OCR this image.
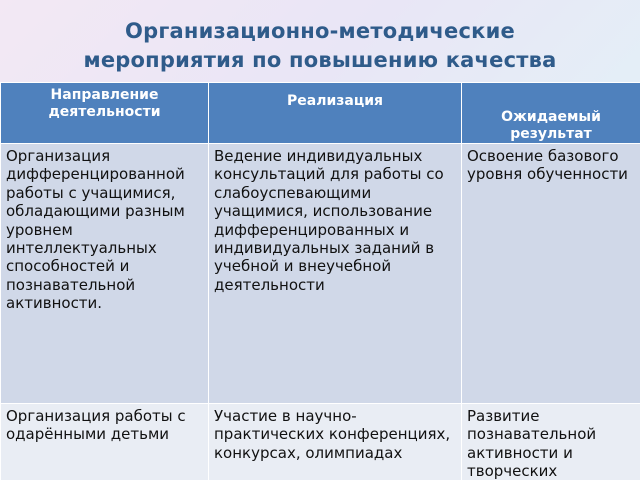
Организационно-методические
мероприятия по повышению качества
Направление деятельности	Реализация	Ожидаемый результат

Организация дифференцированной работы с учащимися, обладающими разным уровнем интеллектуальных способностей и познавательной активности.	Ведение индивидуальных консультаций для работы со слабоуспевающими учащимися, использование дифференцированных и индивидуальных заданий в учебной и внеучебной деятельности	Освоение базового уровня обученности
Организация работы с одарёнными детьми	Участие в научно-практических конференциях, конкурсах, олимпиадах	Развитие познавательной активности и творческих
